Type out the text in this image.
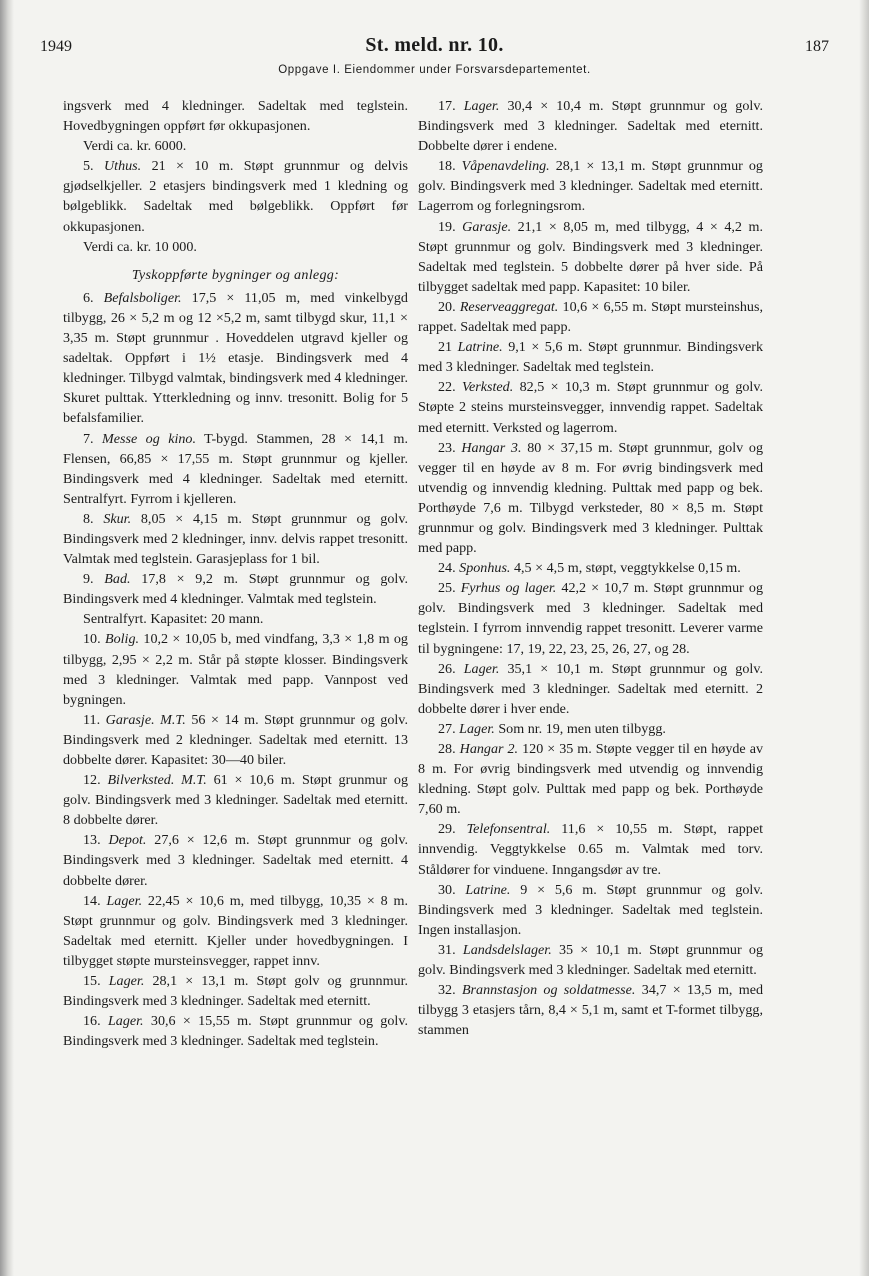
1949	St. meld. nr. 10.	187
Oppgave I. Eiendommer under Forsvarsdepartementet.

ingsverk med 4 kledninger. Sadeltak med teglstein. Hovedbygningen oppført før okkupasjonen.

Verdi ca. kr. 6000.

5. Uthus. 21 × 10 m. Støpt grunnmur og delvis gjødselkjeller. 2 etasjers bindingsverk med 1 kledning og bølgeblikk. Sadeltak med bølgeblikk. Oppført før okkupasjonen.

Verdi ca. kr. 10 000.

Tyskoppførte bygninger og anlegg:

6. Befalsboliger. 17,5 × 11,05 m, med vinkelbygd tilbygg, 26 × 5,2 m og 12 ×5,2 m, samt tilbygd skur, 11,1 × 3,35 m. Støpt grunnmur . Hoveddelen utgravd kjeller og sadeltak. Oppført i 1½ etasje. Bindingsverk med 4 kledninger. Tilbygd valmtak, bindingsverk med 4 kledninger. Skuret pulttak. Ytterkledning og innv. tresonitt. Bolig for 5 befalsfamilier.

7. Messe og kino. T-bygd. Stammen, 28 × 14,1 m. Flensen, 66,85 × 17,55 m. Støpt grunnmur og kjeller. Bindingsverk med 4 kledninger. Sadeltak med eternitt. Sentralfyrt. Fyrrom i kjelleren.

8. Skur. 8,05 × 4,15 m. Støpt grunnmur og golv. Bindingsverk med 2 kledninger, innv. delvis rappet tresonitt. Valmtak med teglstein. Garasjeplass for 1 bil.

9. Bad. 17,8 × 9,2 m. Støpt grunnmur og golv. Bindingsverk med 4 kledninger. Valmtak med teglstein.

Sentralfyrt. Kapasitet: 20 mann.

10. Bolig. 10,2 × 10,05 b, med vindfang, 3,3 × 1,8 m og tilbygg, 2,95 × 2,2 m. Står på støpte klosser. Bindingsverk med 3 kledninger. Valmtak med papp. Vannpost ved bygningen.

11. Garasje. M.T. 56 × 14 m. Støpt grunnmur og golv. Bindingsverk med 2 kledninger. Sadeltak med eternitt. 13 dobbelte dører. Kapasitet: 30—40 biler.

12. Bilverksted. M.T. 61 × 10,6 m. Støpt grunmur og golv. Bindingsverk med 3 kledninger. Sadeltak med eternitt. 8 dobbelte dører.

13. Depot. 27,6 × 12,6 m. Støpt grunnmur og golv. Bindingsverk med 3 kledninger. Sadeltak med eternitt. 4 dobbelte dører.

14. Lager. 22,45 × 10,6 m, med tilbygg, 10,35 × 8 m. Støpt grunnmur og golv. Bindingsverk med 3 kledninger. Sadeltak med eternitt. Kjeller under hovedbygningen. I tilbygget støpte mursteinsvegger, rappet innv.

15. Lager. 28,1 × 13,1 m. Støpt golv og grunnmur. Bindingsverk med 3 kledninger. Sadeltak med eternitt.

16. Lager. 30,6 × 15,55 m. Støpt grunnmur og golv. Bindingsverk med 3 kledninger. Sadeltak med teglstein.

17. Lager. 30,4 × 10,4 m. Støpt grunnmur og golv. Bindingsverk med 3 kledninger. Sadeltak med eternitt. Dobbelte dører i endene.

18. Våpenavdeling. 28,1 × 13,1 m. Støpt grunnmur og golv. Bindingsverk med 3 kledninger. Sadeltak med eternitt. Lagerrom og forlegningsrom.

19. Garasje. 21,1 × 8,05 m, med tilbygg, 4 × 4,2 m. Støpt grunnmur og golv. Bindingsverk med 3 kledninger. Sadeltak med teglstein. 5 dobbelte dører på hver side. På tilbygget sadeltak med papp. Kapasitet: 10 biler.

20. Reserveaggregat. 10,6 × 6,55 m. Støpt mursteinshus, rappet. Sadeltak med papp.

21 Latrine. 9,1 × 5,6 m. Støpt grunnmur. Bindingsverk med 3 kledninger. Sadeltak med teglstein.

22. Verksted. 82,5 × 10,3 m. Støpt grunnmur og golv. Støpte 2 steins mursteinsvegger, innvendig rappet. Sadeltak med eternitt. Verksted og lagerrom.

23. Hangar 3. 80 × 37,15 m. Støpt grunnmur, golv og vegger til en høyde av 8 m. For øvrig bindingsverk med utvendig og innvendig kledning. Pulttak med papp og bek. Porthøyde 7,6 m. Tilbygd verksteder, 80 × 8,5 m. Støpt grunnmur og golv. Bindingsverk med 3 kledninger. Pulttak med papp.

24. Sponhus. 4,5 × 4,5 m, støpt, veggtykkelse 0,15 m.

25. Fyrhus og lager. 42,2 × 10,7 m. Støpt grunnmur og golv. Bindingsverk med 3 kledninger. Sadeltak med teglstein. I fyrrom innvendig rappet tresonitt. Leverer varme til bygningene: 17, 19, 22, 23, 25, 26, 27, og 28.

26. Lager. 35,1 × 10,1 m. Støpt grunnmur og golv. Bindingsverk med 3 kledninger. Sadeltak med eternitt. 2 dobbelte dører i hver ende.

27. Lager. Som nr. 19, men uten tilbygg.

28. Hangar 2. 120 × 35 m. Støpte vegger til en høyde av 8 m. For øvrig bindingsverk med utvendig og innvendig kledning. Støpt golv. Pulttak med papp og bek. Porthøyde 7,60 m.

29. Telefonsentral. 11,6 × 10,55 m. Støpt, rappet innvendig. Veggtykkelse 0.65 m. Valmtak med torv. Ståldører for vinduene. Inngangsdør av tre.

30. Latrine. 9 × 5,6 m. Støpt grunnmur og golv. Bindingsverk med 3 kledninger. Sadeltak med teglstein. Ingen installasjon.

31. Landsdelslager. 35 × 10,1 m. Støpt grunnmur og golv. Bindingsverk med 3 kledninger. Sadeltak med eternitt.

32. Brannstasjon og soldatmesse. 34,7 × 13,5 m, med tilbygg 3 etasjers tårn, 8,4 × 5,1 m, samt et T-formet tilbygg, stammen
